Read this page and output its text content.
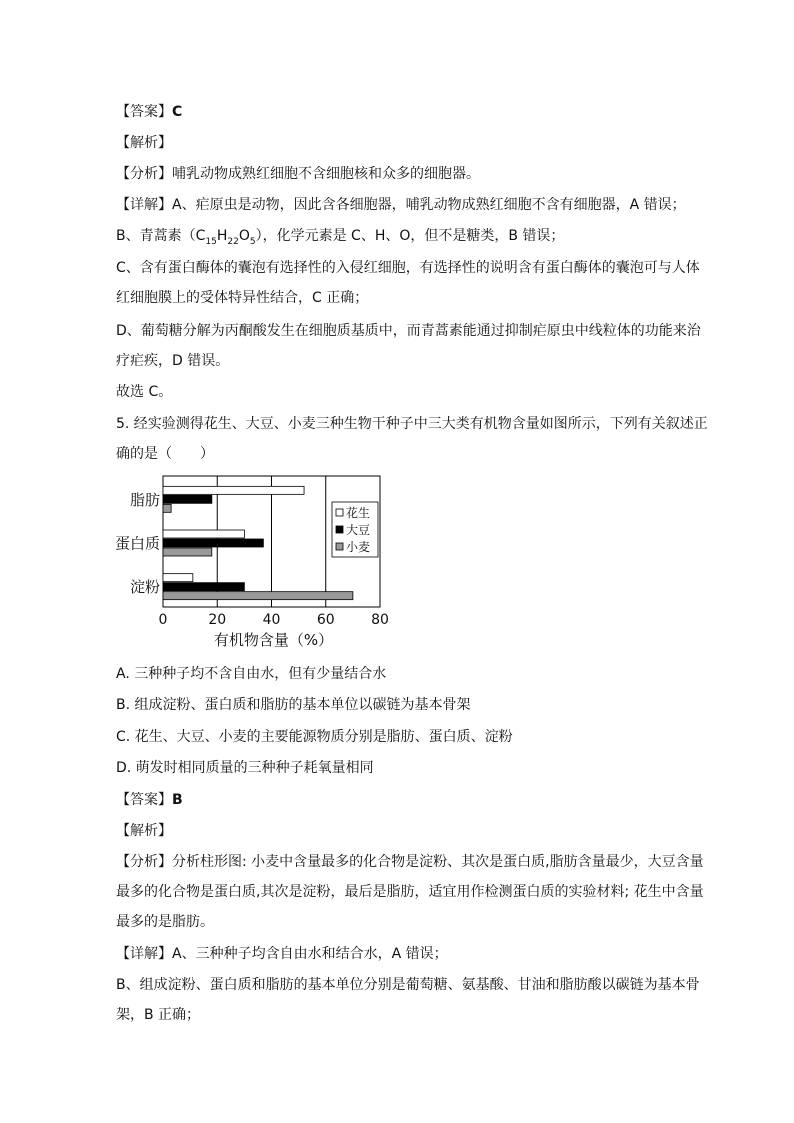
【答案】C
【解析】
【分析】哺乳动物成熟红细胞不含细胞核和众多的细胞器。
【详解】A、疟原虫是动物，因此含各细胞器，哺乳动物成熟红细胞不含有细胞器，A 错误；
B、青蒿素$(C_{15}H_{22}O_5)$，化学元素是 C、H、O，但不是糖类，B 错误；
C、含有蛋白酶体的囊泡有选择性的入侵红细胞，有选择性的说明含有蛋白酶体的囊泡可与人体
红细胞膜上的受体特异性结合，C 正确；
D、葡萄糖分解为丙酮酸发生在细胞质基质中，而青蒿素能通过抑制疟原虫中线粒体的功能来治
疗疟疾，D 错误。
故选 C。
5. 经实验测得花生、大豆、小麦三种生物干种子中三大类有机物含量如图所示，下列有关叙述正
确的是（　　）
脂肪
蛋白质
淀粉
0	20	40	60	80
有机物含量（%）
花生
大豆
小麦
A. 三种种子均不含自由水，但有少量结合水
B. 组成淀粉、蛋白质和脂肪的基本单位以碳链为基本骨架
C. 花生、大豆、小麦的主要能源物质分别是脂肪、蛋白质、淀粉
D. 萌发时相同质量的三种种子耗氧量相同
【答案】B
【解析】
【分析】分析柱形图: 小麦中含量最多的化合物是淀粉、其次是蛋白质,脂肪含量最少，大豆含量
最多的化合物是蛋白质,其次是淀粉，最后是脂肪，适宜用作检测蛋白质的实验材料; 花生中含量
最多的是脂肪。
【详解】A、三种种子均含自由水和结合水，A 错误；
B、组成淀粉、蛋白质和脂肪的基本单位分别是葡萄糖、氨基酸、甘油和脂肪酸以碳链为基本骨
架，B 正确；
